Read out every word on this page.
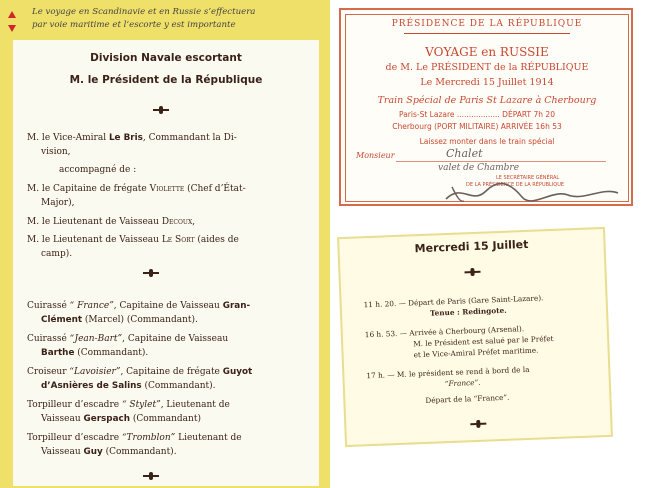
Le voyage en Scandinavie et en Russie s’effectuera
par voie maritime et l’escorte y est importante
Division Navale escortant
M. le Président de la République
M. le Vice-Amiral Le Bris, Commandant la Di-
vision,
accompagné de :
M. le Capitaine de frégate Violette (Chef d’État-
Major),
M. le Lieutenant de Vaisseau Decoux,
M. le Lieutenant de Vaisseau Le Sort (aides de
camp).
Cuirassé “ France”, Capitaine de Vaisseau Gran-
Clément (Marcel) (Commandant).
Cuirassé “Jean-Bart”, Capitaine de Vaisseau
Barthe (Commandant).
Croiseur “Lavoisier”, Capitaine de frégate Guyot
d’Asnières de Salins (Commandant).
Torpilleur d’escadre “ Stylet”, Lieutenant de
Vaisseau Gerspach (Commandant)
Torpilleur d’escadre “Tromblon” Lieutenant de
Vaisseau Guy (Commandant).
PRÉSIDENCE DE LA RÉPUBLIQUE
VOYAGE en RUSSIE
de M. Le PRÉSIDENT de la RÉPUBLIQUE
Le Mercredi 15 Juillet 1914
Train Spécial de Paris St Lazare à Cherbourg
Paris-St Lazare .................. DÉPART 7h 20
Cherbourg (PORT MILITAIRE) ARRIVÉE 16h 53
Laissez monter dans le train spécial
Monsieur	Chalet
valet de Chambre
LE SECRÉTAIRE GÉNÉRAL
DE LA PRÉSIDENCE DE LA RÉPUBLIQUE
Mercredi 15 Juillet
11 h. 20. — Départ de Paris (Gare Saint-Lazare).
Tenue : Redingote.
16 h. 53. — Arrivée à Cherbourg (Arsenal).
M. le Président est salué par le Préfet
et le Vice-Amiral Préfet maritime.
17 h. — M. le président se rend à bord de la
“France”.
Départ de la “France”.
